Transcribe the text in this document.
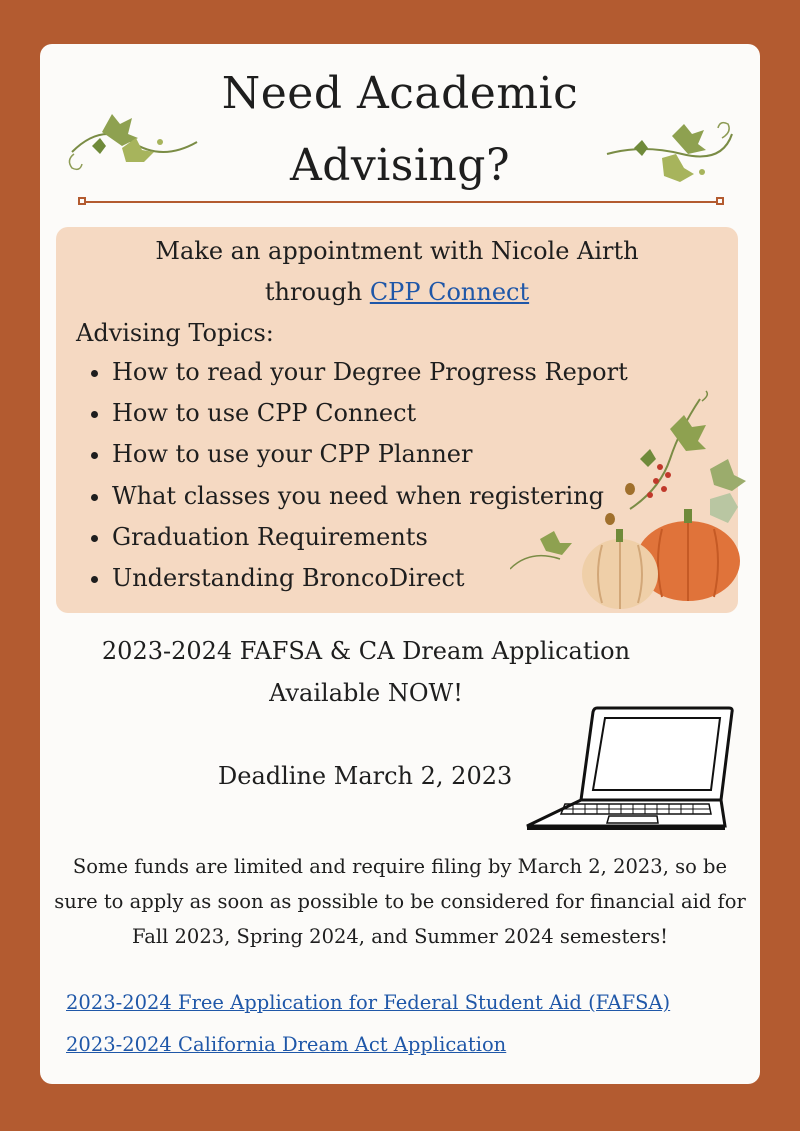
Need Academic
Advising?
Make an appointment with Nicole Airth
through CPP Connect
Advising Topics:
• How to read your Degree Progress Report
• How to use CPP Connect
• How to use your CPP Planner
• What classes you need when registering
• Graduation Requirements
• Understanding BroncoDirect
2023-2024 FAFSA & CA Dream Application
Available NOW!
Deadline March 2, 2023
Some funds are limited and require filing by March 2, 2023, so be
sure to apply as soon as possible to be considered for financial aid for
Fall 2023, Spring 2024, and Summer 2024 semesters!
2023-2024 Free Application for Federal Student Aid (FAFSA)
2023-2024 California Dream Act Application
